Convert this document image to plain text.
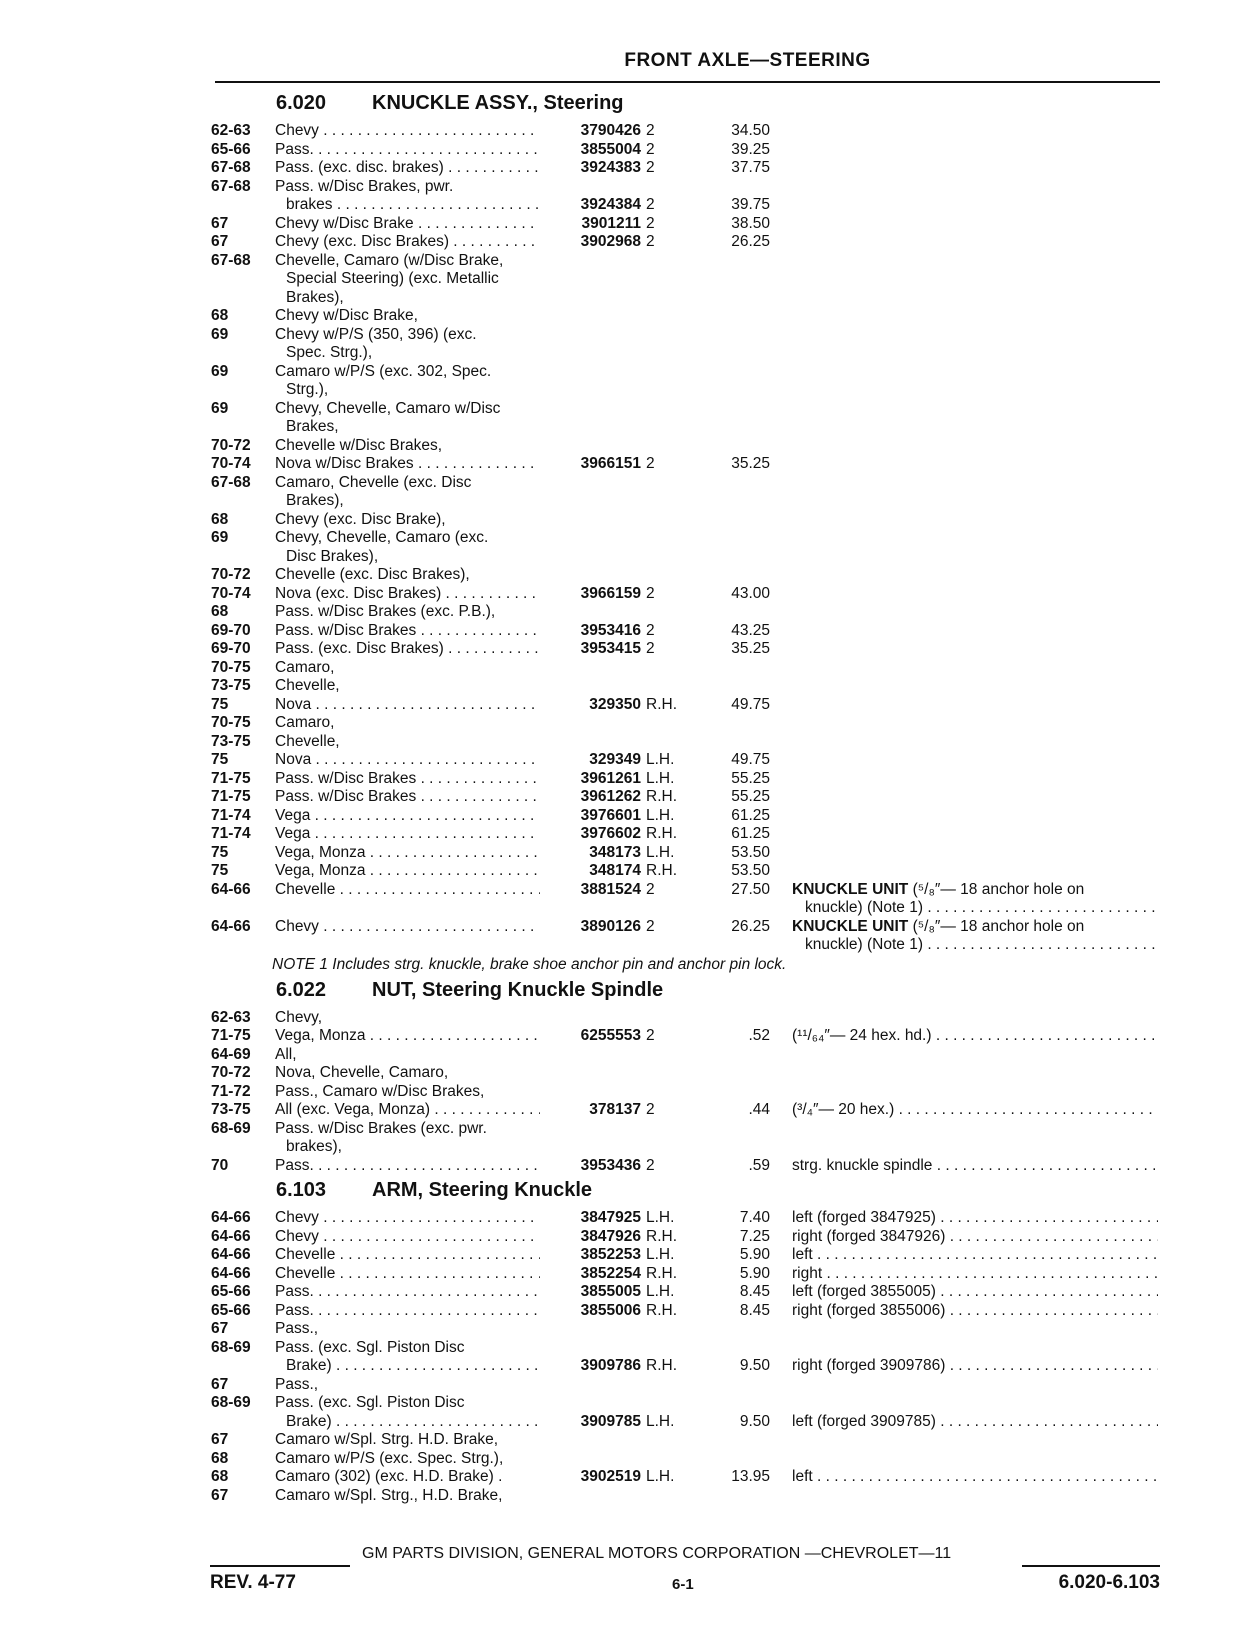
FRONT AXLE—STEERING
6.020 KNUCKLE ASSY., Steering
62-63 Chevy . . .	3790426 2	34.50
65-66 Pass. . . .	3855004 2	39.25
67-68 Pass. (exc. disc. brakes) . . .	3924383 2	37.75
67-68 Pass. w/Disc Brakes, pwr.
brakes . . .	3924384 2	39.75
67	Chevy w/Disc Brake . . .	3901211 2	38.50
67	Chevy (exc. Disc Brakes) . . .	3902968 2	26.25
67-68 Chevelle, Camaro (w/Disc Brake,
Special Steering) (exc. Metallic
Brakes),
68	Chevy w/Disc Brake,
69	Chevy w/P/S (350, 396) (exc.
Spec. Strg.),
69	Camaro w/P/S (exc. 302, Spec.
Strg.),
69	Chevy, Chevelle, Camaro w/Disc
Brakes,
70-72 Chevelle w/Disc Brakes,
70-74 Nova w/Disc Brakes . . .	3966151 2	35.25
67-68 Camaro, Chevelle (exc. Disc
Brakes),
68	Chevy (exc. Disc Brake),
69	Chevy, Chevelle, Camaro (exc.
Disc Brakes),
70-72 Chevelle (exc. Disc Brakes),
70-74 Nova (exc. Disc Brakes) . . .	3966159 2	43.00
68	Pass. w/Disc Brakes (exc. P.B.),
69-70 Pass. w/Disc Brakes . . .	3953416 2	43.25
69-70 Pass. (exc. Disc Brakes) . . .	3953415 2	35.25
70-75 Camaro,
73-75 Chevelle,
75	Nova . . .	329350 R.H.	49.75
70-75 Camaro,
73-75 Chevelle,
75	Nova . . .	329349 L.H.	49.75
71-75 Pass. w/Disc Brakes . . .	3961261 L.H.	55.25
71-75 Pass. w/Disc Brakes . . .	3961262 R.H.	55.25
71-74 Vega . . .	3976601 L.H.	61.25
71-74 Vega . . .	3976602 R.H.	61.25
75	Vega, Monza . . .	348173 L.H.	53.50
75	Vega, Monza . . .	348174 R.H.	53.50
64-66 Chevelle . . .	3881524 2	27.50 KNUCKLE UNIT (⁵/₈″— 18 anchor hole on
knuckle) (Note 1) . . .
64-66 Chevy . . .	3890126 2	26.25 KNUCKLE UNIT (⁵/₈″— 18 anchor hole on
knuckle) (Note 1) . . .
NOTE 1 Includes strg. knuckle, brake shoe anchor pin and anchor pin lock.
6.022 NUT, Steering Knuckle Spindle
62-63 Chevy,
71-75 Vega, Monza . . .	6255553 2	.52 (¹¹/₆₄″— 24 hex. hd.) . . .
64-69 All,
70-72 Nova, Chevelle, Camaro,
71-72 Pass., Camaro w/Disc Brakes,
73-75 All (exc. Vega, Monza) . . .	378137 2	.44 (³/₄″— 20 hex.) . . .
68-69 Pass. w/Disc Brakes (exc. pwr.
brakes),
70	Pass. . . .	3953436 2	.59 strg. knuckle spindle . . .
6.103 ARM, Steering Knuckle
64-66 Chevy . . .	3847925 L.H.	7.40 left (forged 3847925) . . .
64-66 Chevy . . .	3847926 R.H.	7.25 right (forged 3847926) . . .
64-66 Chevelle . . .	3852253 L.H.	5.90 left . . .
64-66 Chevelle . . .	3852254 R.H.	5.90 right . . .
65-66 Pass. . . .	3855005 L.H.	8.45 left (forged 3855005) . . .
65-66 Pass. . . .	3855006 R.H.	8.45 right (forged 3855006) . . .
67	Pass.,
68-69 Pass. (exc. Sgl. Piston Disc
Brake) . . .	3909786 R.H.	9.50 right (forged 3909786) . . .
67	Pass.,
68-69 Pass. (exc. Sgl. Piston Disc
Brake) . . .	3909785 L.H.	9.50 left (forged 3909785) . . .
67	Camaro w/Spl. Strg. H.D. Brake,
68	Camaro w/P/S (exc. Spec. Strg.),
68	Camaro (302) (exc. H.D. Brake) .	3902519 L.H.	13.95 left . . .
67	Camaro w/Spl. Strg., H.D. Brake,
GM PARTS DIVISION, GENERAL MOTORS CORPORATION —CHEVROLET—11
REV. 4-77	6-1	6.020-6.103
